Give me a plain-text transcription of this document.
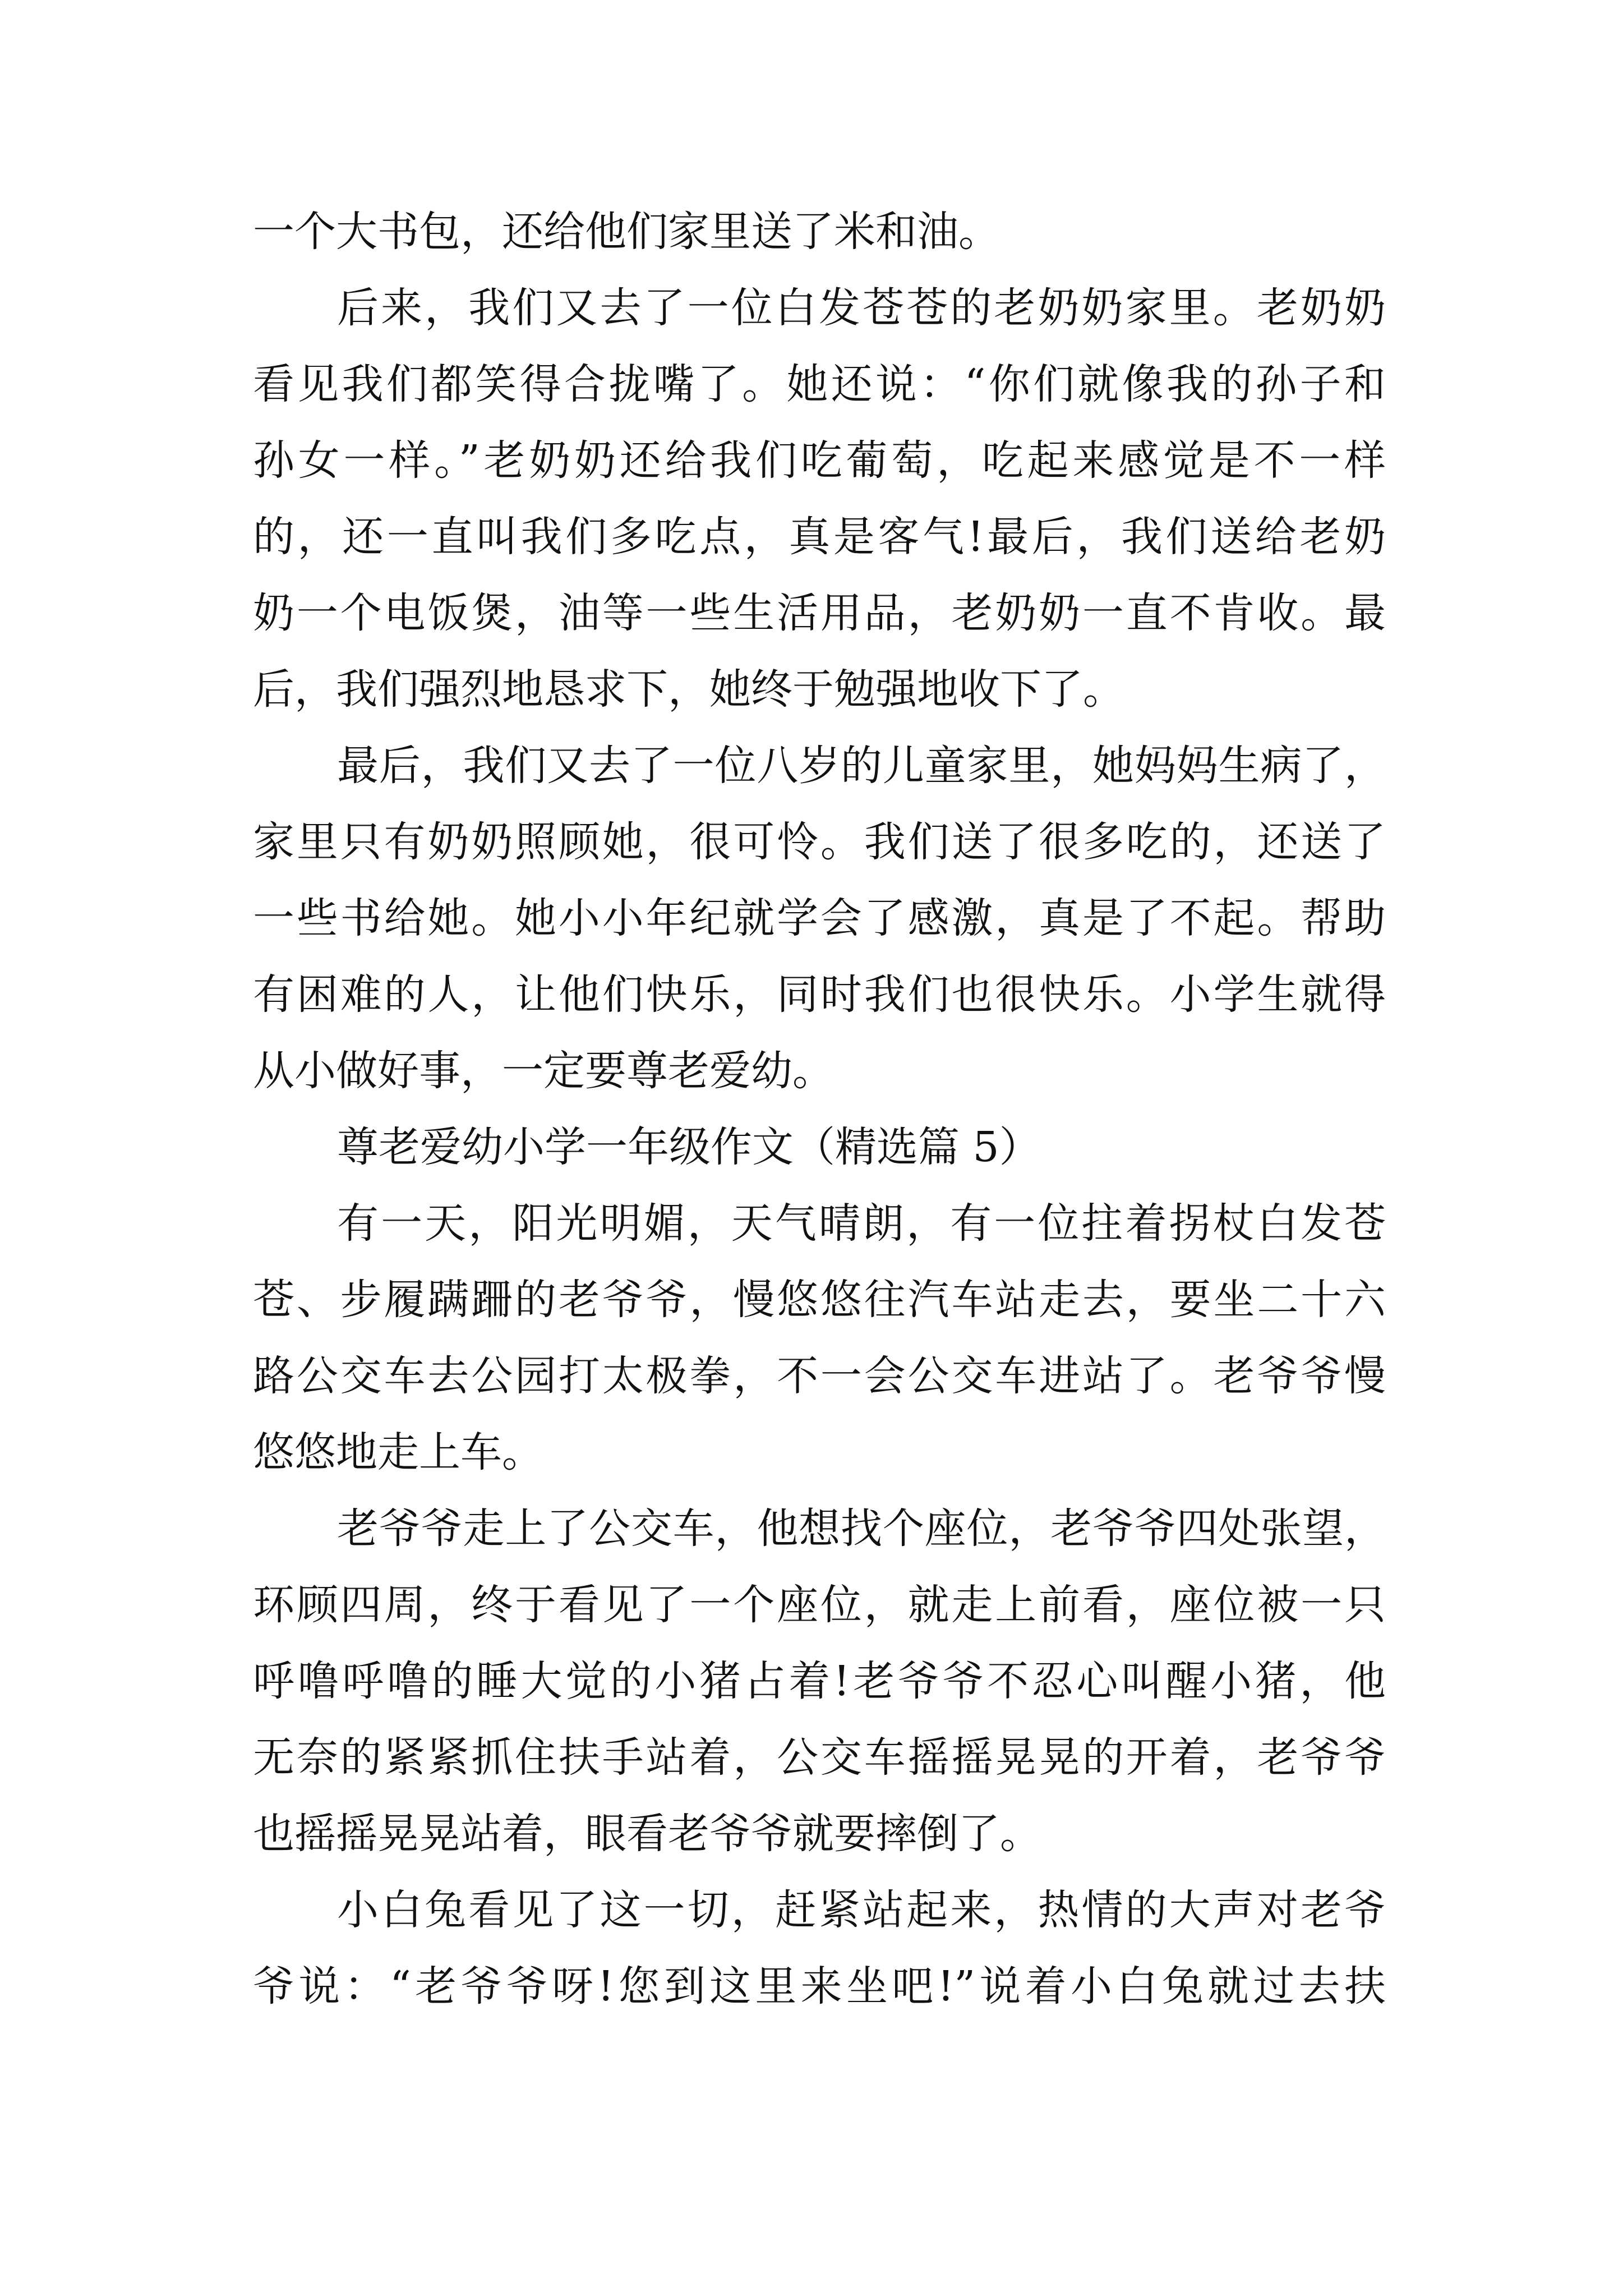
一个大书包，还给他们家里送了米和油。
后来，我们又去了一位白发苍苍的老奶奶家里。老奶奶
看见我们都笑得合拢嘴了。她还说：“你们就像我的孙子和
孙女一样。”老奶奶还给我们吃葡萄，吃起来感觉是不一样
的，还一直叫我们多吃点，真是客气!最后，我们送给老奶
奶一个电饭煲，油等一些生活用品，老奶奶一直不肯收。最
后，我们强烈地恳求下，她终于勉强地收下了。
最后，我们又去了一位八岁的儿童家里，她妈妈生病了，
家里只有奶奶照顾她，很可怜。我们送了很多吃的，还送了
一些书给她。她小小年纪就学会了感激，真是了不起。帮助
有困难的人，让他们快乐，同时我们也很快乐。小学生就得
从小做好事，一定要尊老爱幼。
尊老爱幼小学一年级作文（精选篇 5）
有一天，阳光明媚，天气晴朗，有一位拄着拐杖白发苍
苍、步履蹒跚的老爷爷，慢悠悠往汽车站走去，要坐二十六
路公交车去公园打太极拳，不一会公交车进站了。老爷爷慢
悠悠地走上车。
老爷爷走上了公交车，他想找个座位，老爷爷四处张望，
环顾四周，终于看见了一个座位，就走上前看，座位被一只
呼噜呼噜的睡大觉的小猪占着!老爷爷不忍心叫醒小猪，他
无奈的紧紧抓住扶手站着，公交车摇摇晃晃的开着，老爷爷
也摇摇晃晃站着，眼看老爷爷就要摔倒了。
小白兔看见了这一切，赶紧站起来，热情的大声对老爷
爷说：“老爷爷呀!您到这里来坐吧!”说着小白兔就过去扶
